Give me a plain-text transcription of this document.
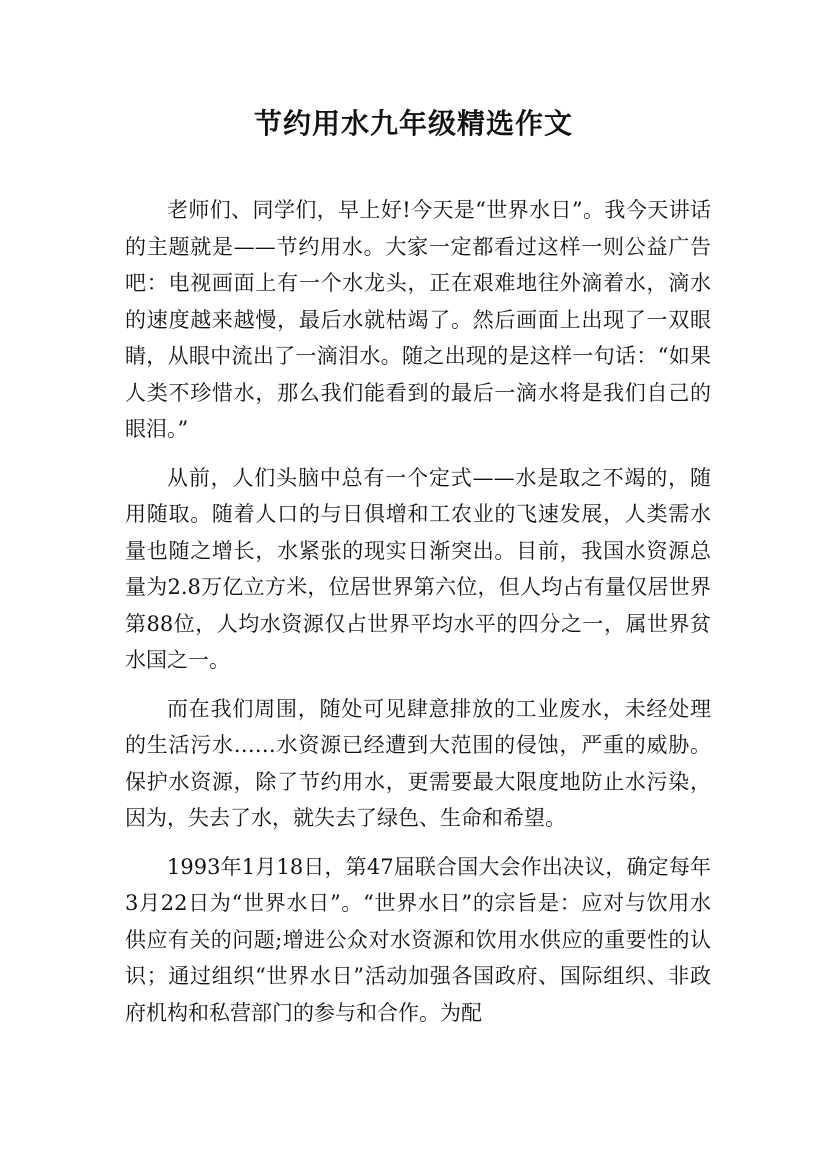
节约用水九年级精选作文

老师们、同学们，早上好!今天是“世界水日”。我今天讲话的主题就是——节约用水。大家一定都看过这样一则公益广告吧：电视画面上有一个水龙头，正在艰难地往外滴着水，滴水的速度越来越慢，最后水就枯竭了。然后画面上出现了一双眼睛，从眼中流出了一滴泪水。随之出现的是这样一句话：“如果人类不珍惜水，那么我们能看到的最后一滴水将是我们自己的眼泪。”

从前，人们头脑中总有一个定式——水是取之不竭的，随用随取。随着人口的与日俱增和工农业的飞速发展，人类需水量也随之增长，水紧张的现实日渐突出。目前，我国水资源总量为2.8万亿立方米，位居世界第六位，但人均占有量仅居世界第88位，人均水资源仅占世界平均水平的四分之一，属世界贫水国之一。

而在我们周围，随处可见肆意排放的工业废水，未经处理的生活污水……水资源已经遭到大范围的侵蚀，严重的威胁。保护水资源，除了节约用水，更需要最大限度地防止水污染，因为，失去了水，就失去了绿色、生命和希望。

1993年1月18日，第47届联合国大会作出决议，确定每年3月22日为“世界水日”。“世界水日”的宗旨是：应对与饮用水供应有关的问题;增进公众对水资源和饮用水供应的重要性的认识；通过组织“世界水日”活动加强各国政府、国际组织、非政府机构和私营部门的参与和合作。为配
